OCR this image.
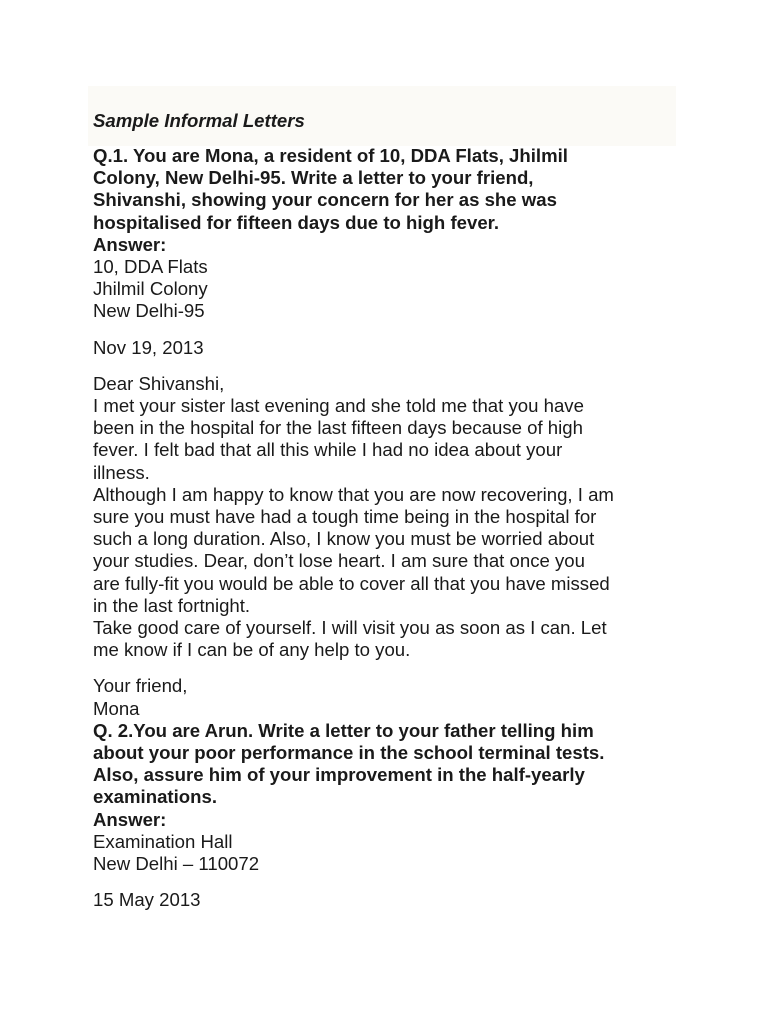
Sample Informal Letters
Q.1. You are Mona, a resident of 10, DDA Flats, Jhilmil
Colony, New Delhi-95. Write a letter to your friend,
Shivanshi, showing your concern for her as she was
hospitalised for fifteen days due to high fever.
Answer:
10, DDA Flats
Jhilmil Colony
New Delhi-95
Nov 19, 2013
Dear Shivanshi,
I met your sister last evening and she told me that you have
been in the hospital for the last fifteen days because of high
fever. I felt bad that all this while I had no idea about your
illness.
Although I am happy to know that you are now recovering, I am
sure you must have had a tough time being in the hospital for
such a long duration. Also, I know you must be worried about
your studies. Dear, don’t lose heart. I am sure that once you
are fully-fit you would be able to cover all that you have missed
in the last fortnight.
Take good care of yourself. I will visit you as soon as I can. Let
me know if I can be of any help to you.
Your friend,
Mona
Q. 2.You are Arun. Write a letter to your father telling him
about your poor performance in the school terminal tests.
Also, assure him of your improvement in the half-yearly
examinations.
Answer:
Examination Hall
New Delhi – 110072
15 May 2013
